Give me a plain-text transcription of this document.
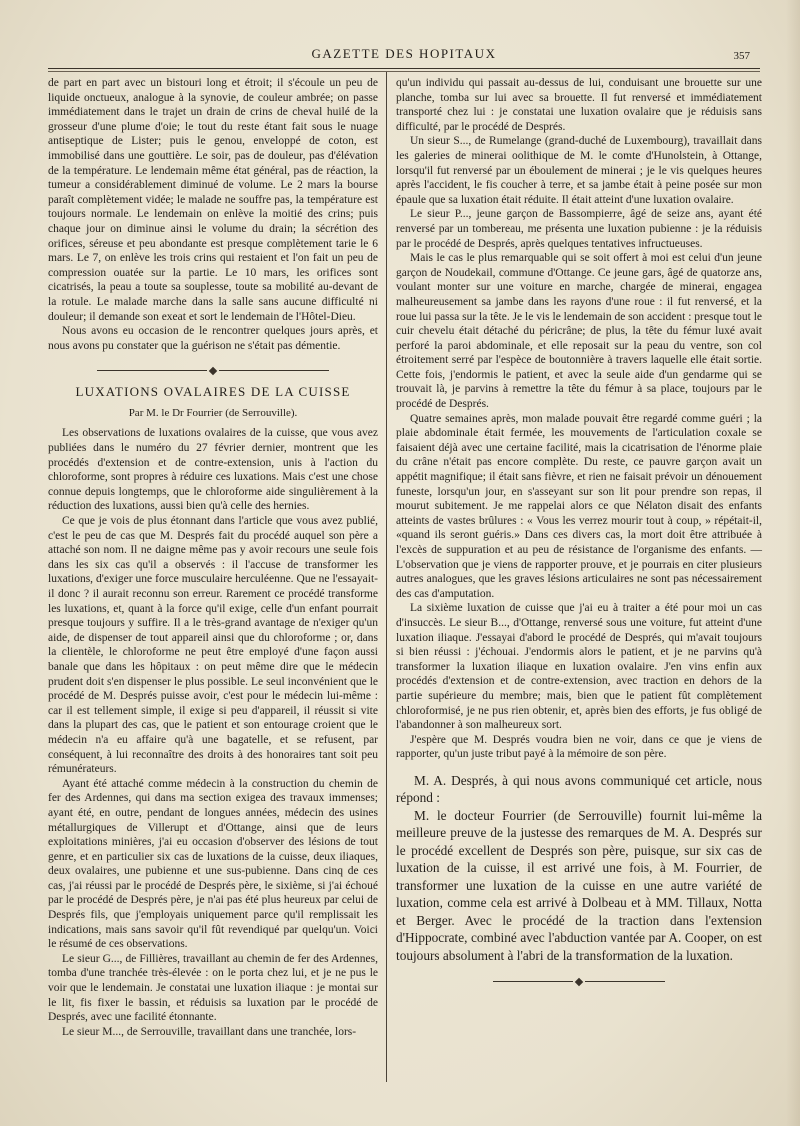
GAZETTE DES HOPITAUX	357

de part en part avec un bistouri long et étroit; il s'écoule un peu de liquide onctueux, analogue à la synovie, de couleur ambrée; on passe immédiatement dans le trajet un drain de crins de cheval huilé de la grosseur d'une plume d'oie; le tout du reste étant fait sous le nuage antiseptique de Lister; puis le genou, enveloppé de coton, est immobilisé dans une gouttière. Le soir, pas de douleur, pas d'élévation de la température. Le lendemain même état général, pas de réaction, la tumeur a considérablement diminué de volume. Le 2 mars la bourse paraît complètement vidée; le malade ne souffre pas, la température est toujours normale. Le lendemain on enlève la moitié des crins; puis chaque jour on diminue ainsi le volume du drain; la sécrétion des orifices, séreuse et peu abondante est presque complètement tarie le 6 mars. Le 7, on enlève les trois crins qui restaient et l'on fait un peu de compression ouatée sur la partie. Le 10 mars, les orifices sont cicatrisés, la peau a toute sa souplesse, toute sa mobilité au-devant de la rotule. Le malade marche dans la salle sans aucune difficulté ni douleur; il demande son exeat et sort le lendemain de l'Hôtel-Dieu.

Nous avons eu occasion de le rencontrer quelques jours après, et nous avons pu constater que la guérison ne s'était pas démentie.

LUXATIONS OVALAIRES DE LA CUISSE
Par M. le Dr Fourrier (de Serrouville).

Les observations de luxations ovalaires de la cuisse, que vous avez publiées dans le numéro du 27 février dernier, montrent que les procédés d'extension et de contre-extension, unis à l'action du chloroforme, sont propres à réduire ces luxations. Mais c'est une chose connue depuis longtemps, que le chloroforme aide singulièrement à la réduction des luxations, aussi bien qu'à celle des hernies.

Ce que je vois de plus étonnant dans l'article que vous avez publié, c'est le peu de cas que M. Després fait du procédé auquel son père a attaché son nom. Il ne daigne même pas y avoir recours une seule fois dans les six cas qu'il a observés : il l'accuse de transformer les luxations, d'exiger une force musculaire herculéenne. Que ne l'essayait-il donc ? il aurait reconnu son erreur. Rarement ce procédé transforme les luxations, et, quant à la force qu'il exige, celle d'un enfant pourrait presque toujours y suffire. Il a le très-grand avantage de n'exiger qu'un aide, de dispenser de tout appareil ainsi que du chloroforme ; or, dans la clientèle, le chloroforme ne peut être employé d'une façon aussi banale que dans les hôpitaux : on peut même dire que le médecin prudent doit s'en dispenser le plus possible. Le seul inconvénient que le procédé de M. Després puisse avoir, c'est pour le médecin lui-même : car il est tellement simple, il exige si peu d'appareil, il réussit si vite dans la plupart des cas, que le patient et son entourage croient que le médecin n'a eu affaire qu'à une bagatelle, et se refusent, par conséquent, à lui reconnaître des droits à des honoraires tant soit peu rémunérateurs.

Ayant été attaché comme médecin à la construction du chemin de fer des Ardennes, qui dans ma section exigea des travaux immenses; ayant été, en outre, pendant de longues années, médecin des usines métallurgiques de Villerupt et d'Ottange, ainsi que de leurs exploitations minières, j'ai eu occasion d'observer des lésions de tout genre, et en particulier six cas de luxations de la cuisse, deux iliaques, deux ovalaires, une pubienne et une sus-pubienne. Dans cinq de ces cas, j'ai réussi par le procédé de Després père, le sixième, si j'ai échoué par le procédé de Després père, je n'ai pas été plus heureux par celui de Després fils, que j'employais uniquement parce qu'il remplissait les indications, mais sans savoir qu'il fût revendiqué par quelqu'un. Voici le résumé de ces observations.

Le sieur G..., de Fillières, travaillant au chemin de fer des Ardennes, tomba d'une tranchée très-élevée : on le porta chez lui, et je ne pus le voir que le lendemain. Je constatai une luxation iliaque : je montai sur le lit, fis fixer le bassin, et réduisis sa luxation par le procédé de Després, avec une facilité étonnante.

Le sieur M..., de Serrouville, travaillant dans une tranchée, lors-

qu'un individu qui passait au-dessus de lui, conduisant une brouette sur une planche, tomba sur lui avec sa brouette. Il fut renversé et immédiatement transporté chez lui : je constatai une luxation ovalaire que je réduisis sans difficulté, par le procédé de Després.

Un sieur S..., de Rumelange (grand-duché de Luxembourg), travaillait dans les galeries de minerai oolithique de M. le comte d'Hunolstein, à Ottange, lorsqu'il fut renversé par un éboulement de minerai ; je le vis quelques heures après l'accident, le fis coucher à terre, et sa jambe était à peine posée sur mon épaule que sa luxation était réduite. Il était atteint d'une luxation ovalaire.

Le sieur P..., jeune garçon de Bassompierre, âgé de seize ans, ayant été renversé par un tombereau, me présenta une luxation pubienne : je la réduisis par le procédé de Després, après quelques tentatives infructueuses.

Mais le cas le plus remarquable qui se soit offert à moi est celui d'un jeune garçon de Noudekail, commune d'Ottange. Ce jeune gars, âgé de quatorze ans, voulant monter sur une voiture en marche, chargée de minerai, engagea malheureusement sa jambe dans les rayons d'une roue : il fut renversé, et la roue lui passa sur la tête. Je le vis le lendemain de son accident : presque tout le cuir chevelu était détaché du péricrâne; de plus, la tête du fémur luxé avait perforé la paroi abdominale, et elle reposait sur la peau du ventre, son col étroitement serré par l'espèce de boutonnière à travers laquelle elle était sortie. Cette fois, j'endormis le patient, et avec la seule aide d'un gendarme qui se trouvait là, je parvins à remettre la tête du fémur à sa place, toujours par le procédé de Després.

Quatre semaines après, mon malade pouvait être regardé comme guéri ; la plaie abdominale était fermée, les mouvements de l'articulation coxale se faisaient déjà avec une certaine facilité, mais la cicatrisation de l'énorme plaie du crâne n'était pas encore complète. Du reste, ce pauvre garçon avait un appétit magnifique; il était sans fièvre, et rien ne faisait prévoir un dénouement funeste, lorsqu'un jour, en s'asseyant sur son lit pour prendre son repas, il mourut subitement. Je me rappelai alors ce que Nélaton disait des enfants atteints de vastes brûlures : « Vous les verrez mourir tout à coup, » répétait-il, «quand ils seront guéris.» Dans ces divers cas, la mort doit être attribuée à l'excès de suppuration et au peu de résistance de l'organisme des enfants. — L'observation que je viens de rapporter prouve, et je pourrais en citer plusieurs autres analogues, que les graves lésions articulaires ne sont pas nécessairement des cas d'amputation.

La sixième luxation de cuisse que j'ai eu à traiter a été pour moi un cas d'insuccès. Le sieur B..., d'Ottange, renversé sous une voiture, fut atteint d'une luxation iliaque. J'essayai d'abord le procédé de Després, qui m'avait toujours si bien réussi : j'échouai. J'endormis alors le patient, et je ne parvins qu'à transformer la luxation iliaque en luxation ovalaire. J'en vins enfin aux procédés d'extension et de contre-extension, avec traction en dehors de la partie supérieure du membre; mais, bien que le patient fût complètement chloroformisé, je ne pus rien obtenir, et, après bien des efforts, je fus obligé de l'abandonner à son malheureux sort.

J'espère que M. Després voudra bien ne voir, dans ce que je viens de rapporter, qu'un juste tribut payé à la mémoire de son père.

M. A. Després, à qui nous avons communiqué cet article, nous répond :

M. le docteur Fourrier (de Serrouville) fournit lui-même la meilleure preuve de la justesse des remarques de M. A. Després sur le procédé excellent de Després son père, puisque, sur six cas de luxation de la cuisse, il est arrivé une fois, à M. Fourrier, de transformer une luxation de la cuisse en une autre variété de luxation, comme cela est arrivé à Dolbeau et à MM. Tillaux, Notta et Berger. Avec le procédé de la traction dans l'extension d'Hippocrate, combiné avec l'abduction vantée par A. Cooper, on est toujours absolument à l'abri de la transformation de la luxation.
